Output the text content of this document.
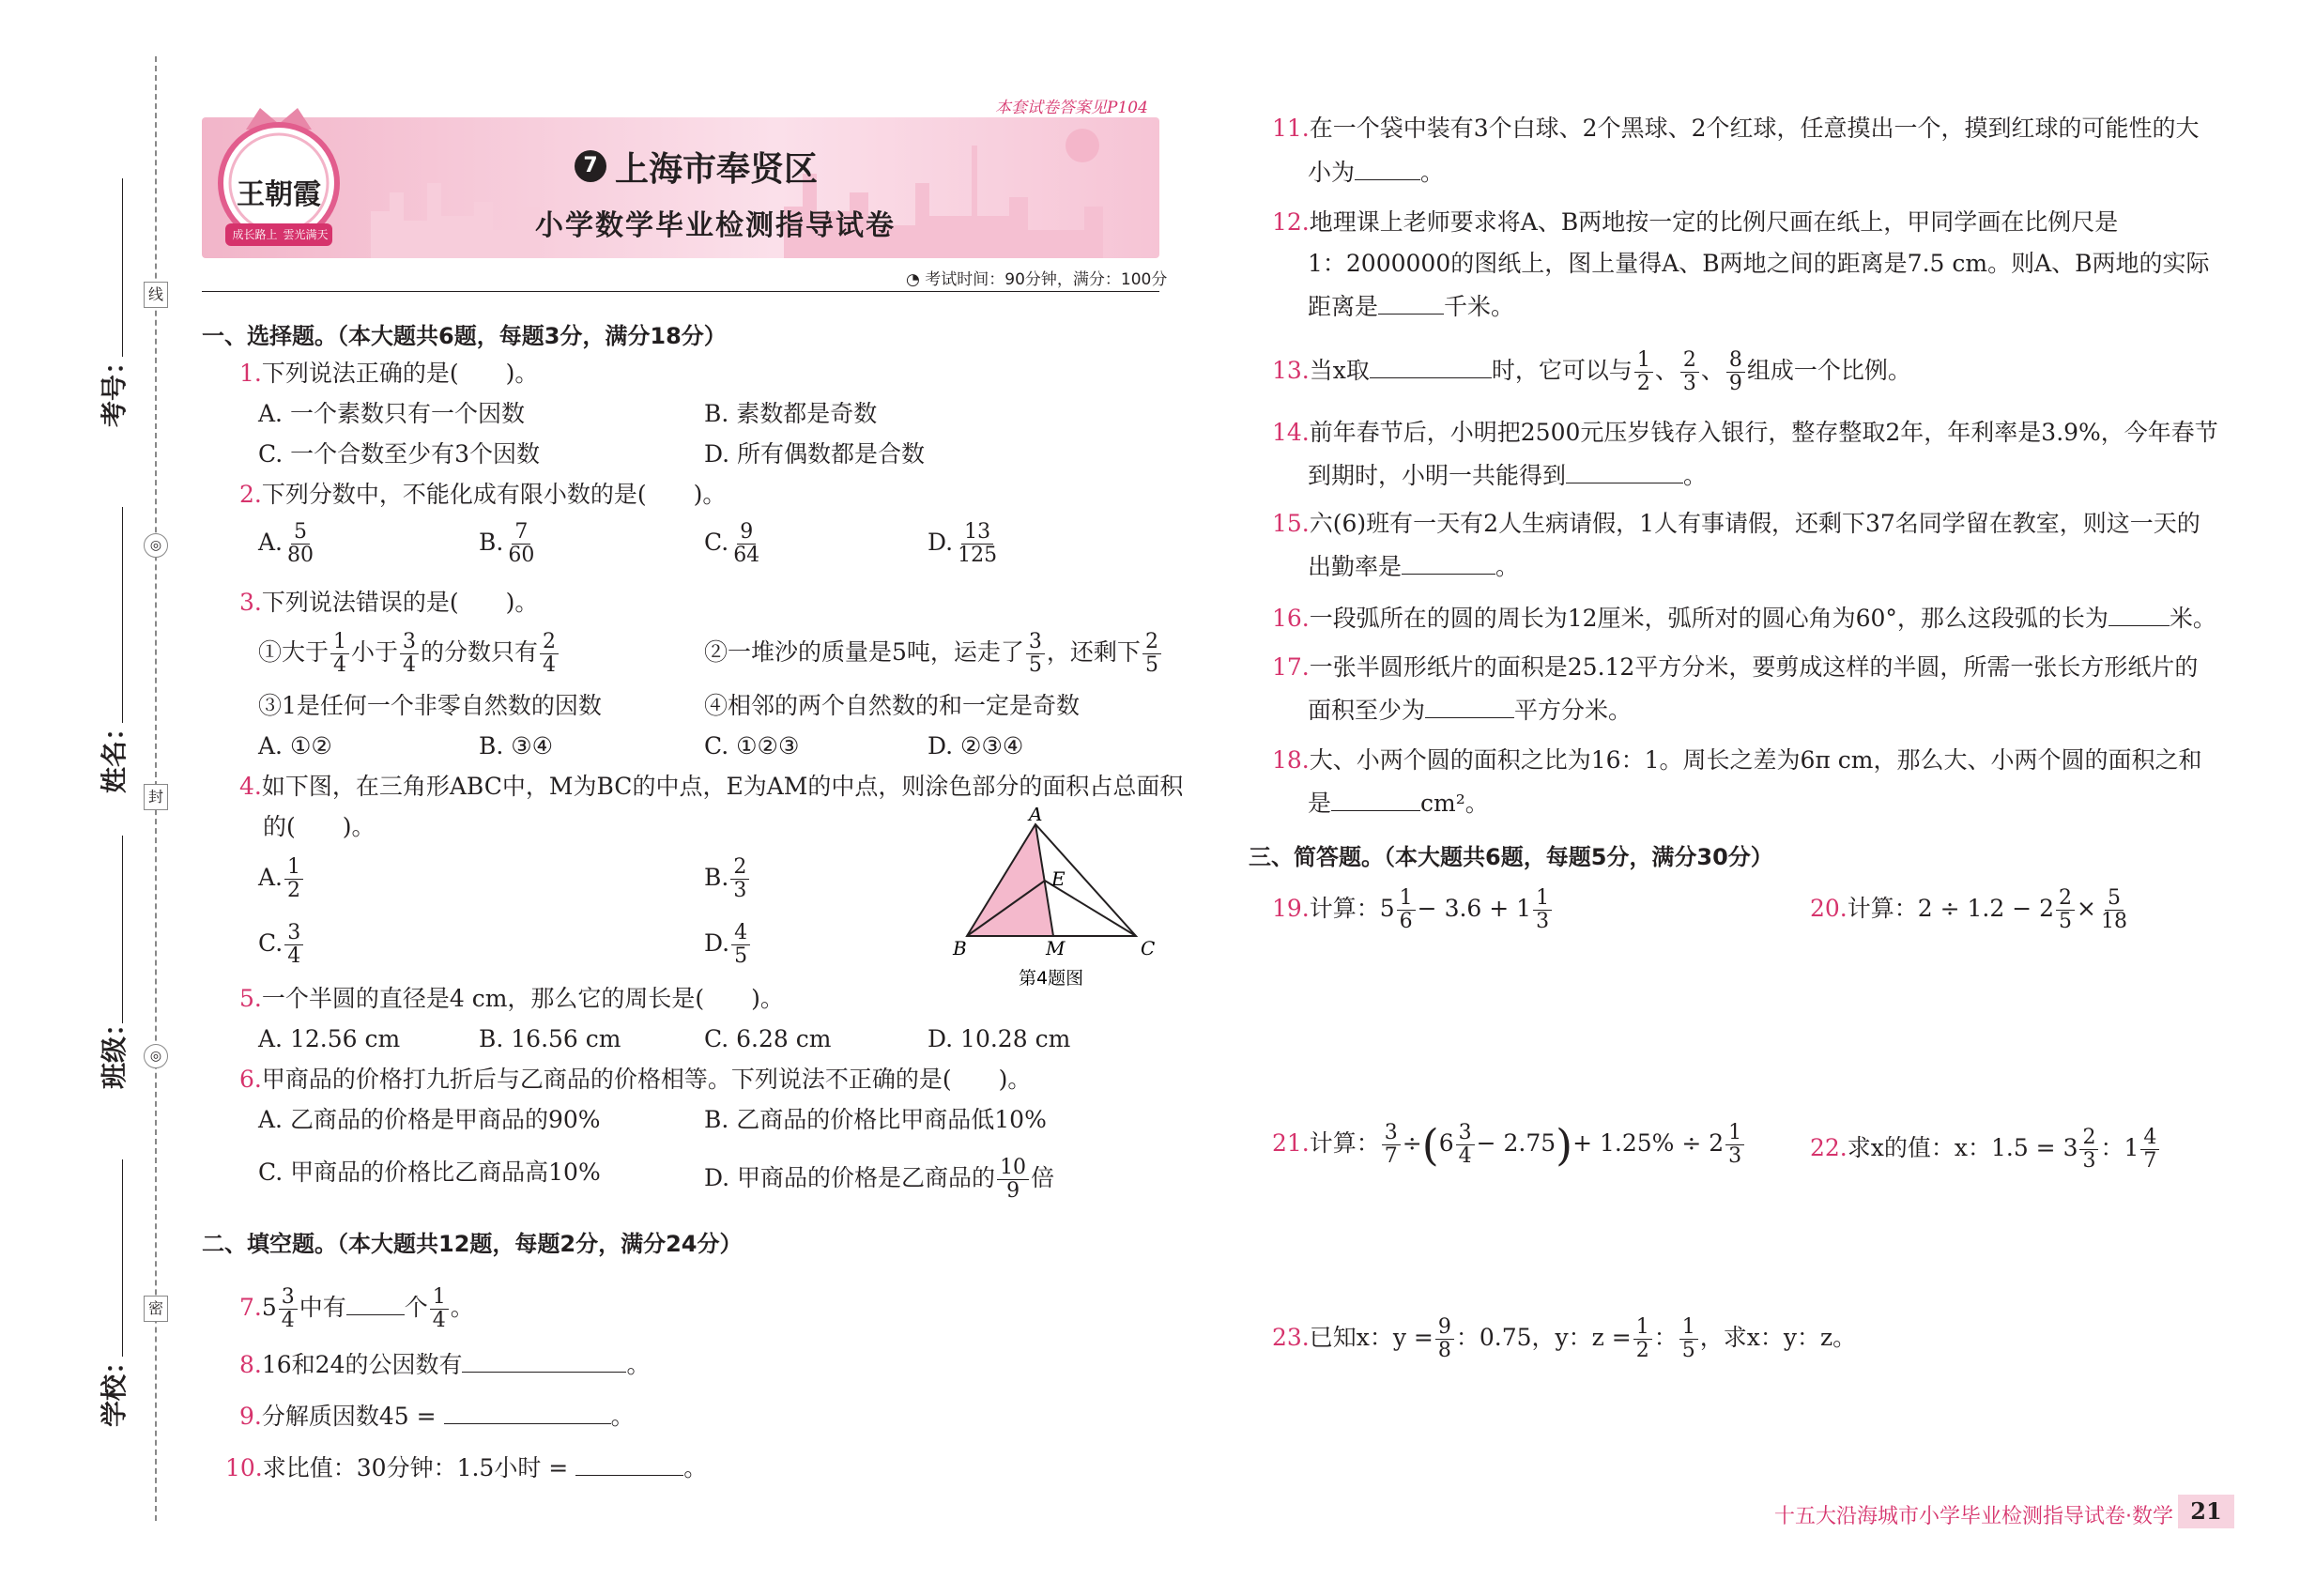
线
◎
封
◎
密
考号：
姓名：
班级：
学校：
本套试卷答案见P104
王朝霞
成长路上 雲光满天
7 上海市奉贤区
小学数学毕业检测指导试卷
◔ 考试时间：90分钟，满分：100分
一、选择题。（本大题共6题，每题3分，满分18分）
1.下列说法正确的是(　　)。
A. 一个素数只有一个因数	B. 素数都是奇数
C. 一个合数至少有3个因数	D. 所有偶数都是合数
2.下列分数中，不能化成有限小数的是(　　)。
A. $\frac{5}{80}$	B. $\frac{7}{60}$	C. $\frac{9}{64}$	D. $\frac{13}{125}$
3.下列说法错误的是(　　)。
①大于 $\frac{1}{4}$ 小于 $\frac{3}{4}$ 的分数只有 $\frac{2}{4}$	②一堆沙的质量是5吨，运走了 $\frac{3}{5}$ ，还剩下 $\frac{2}{5}$
③1是任何一个非零自然数的因数	④相邻的两个自然数的和一定是奇数
A. ①②	B. ③④	C. ①②③	D. ②③④
4.如下图，在三角形ABC中，M为BC的中点，E为AM的中点，则涂色部分的面积占总面积
的(　　)。
A. $\frac{1}{2}$	B. $\frac{2}{3}$
C. $\frac{3}{4}$	D. $\frac{4}{5}$
A
B	C
M
E
第4题图
5.一个半圆的直径是4 cm，那么它的周长是(　　)。
A. 12.56 cm	B. 16.56 cm	C. 6.28 cm	D. 10.28 cm
6.甲商品的价格打九折后与乙商品的价格相等。下列说法不正确的是(　　)。
A. 乙商品的价格是甲商品的90%	B. 乙商品的价格比甲商品低10%
C. 甲商品的价格比乙商品高10%	D. 甲商品的价格是乙商品的 $\frac{10}{9}$ 倍
二、填空题。（本大题共12题，每题2分，满分24分）
$7.5 \frac{3}{4}$ 中有 个 $\frac{1}{4}$ 。
8.16和24的公因数有	。
9.分解质因数45 =	。
10.求比值：30分钟：1.5小时 =	。
11.在一个袋中装有3个白球、2个黑球、2个红球，任意摸出一个，摸到红球的可能性的大
小为	。
12.地理课上老师要求将A、B两地按一定的比例尺画在纸上，甲同学画在比例尺是
1：2000000的图纸上，图上量得A、B两地之间的距离是7.5 cm。则A、B两地的实际
距离是	千米。
13.当x取	时，它可以与 $\frac{1}{2}$ 、 $\frac{2}{3}$ 、 $\frac{8}{9}$ 组成一个比例。
14.前年春节后，小明把2500元压岁钱存入银行，整存整取2年，年利率是3.9%，今年春节
到期时，小明一共能得到	。
15.六(6)班有一天有2人生病请假，1人有事请假，还剩下37名同学留在教室，则这一天的
出勤率是	。
16.一段弧所在的圆的周长为12厘米，弧所对的圆心角为60°，那么这段弧的长为	米。
17.一张半圆形纸片的面积是25.12平方分米，要剪成这样的半圆，所需一张长方形纸片的
面积至少为	平方分米。
18.大、小两个圆的面积之比为16：1。周长之差为6π cm，那么大、小两个圆的面积之和
是	cm²。
三、简答题。（本大题共6题，每题5分，满分30分）
19.计算：$5 \frac{1}{6} - 3.6 + 1 \frac{1}{3}$	20.计算：$2 \div 1.2 - 2 \frac{2}{5} \times \frac{5}{18}$
21.计算： $\frac{3}{7} \div(6 \frac{3}{4} - 2.75)+ 1.25\% \div 2 \frac{1}{3}$	22.求x的值：x：$1.5 = 3 \frac{2}{3}$ ：$1 \frac{4}{7}$
23.已知x：$y = \frac{9}{8}$ ：0.75，y：$z = \frac{1}{2}$ ： $\frac{1}{5}$ ，求x：y：z。
十五大沿海城市小学毕业检测指导试卷·数学 21
